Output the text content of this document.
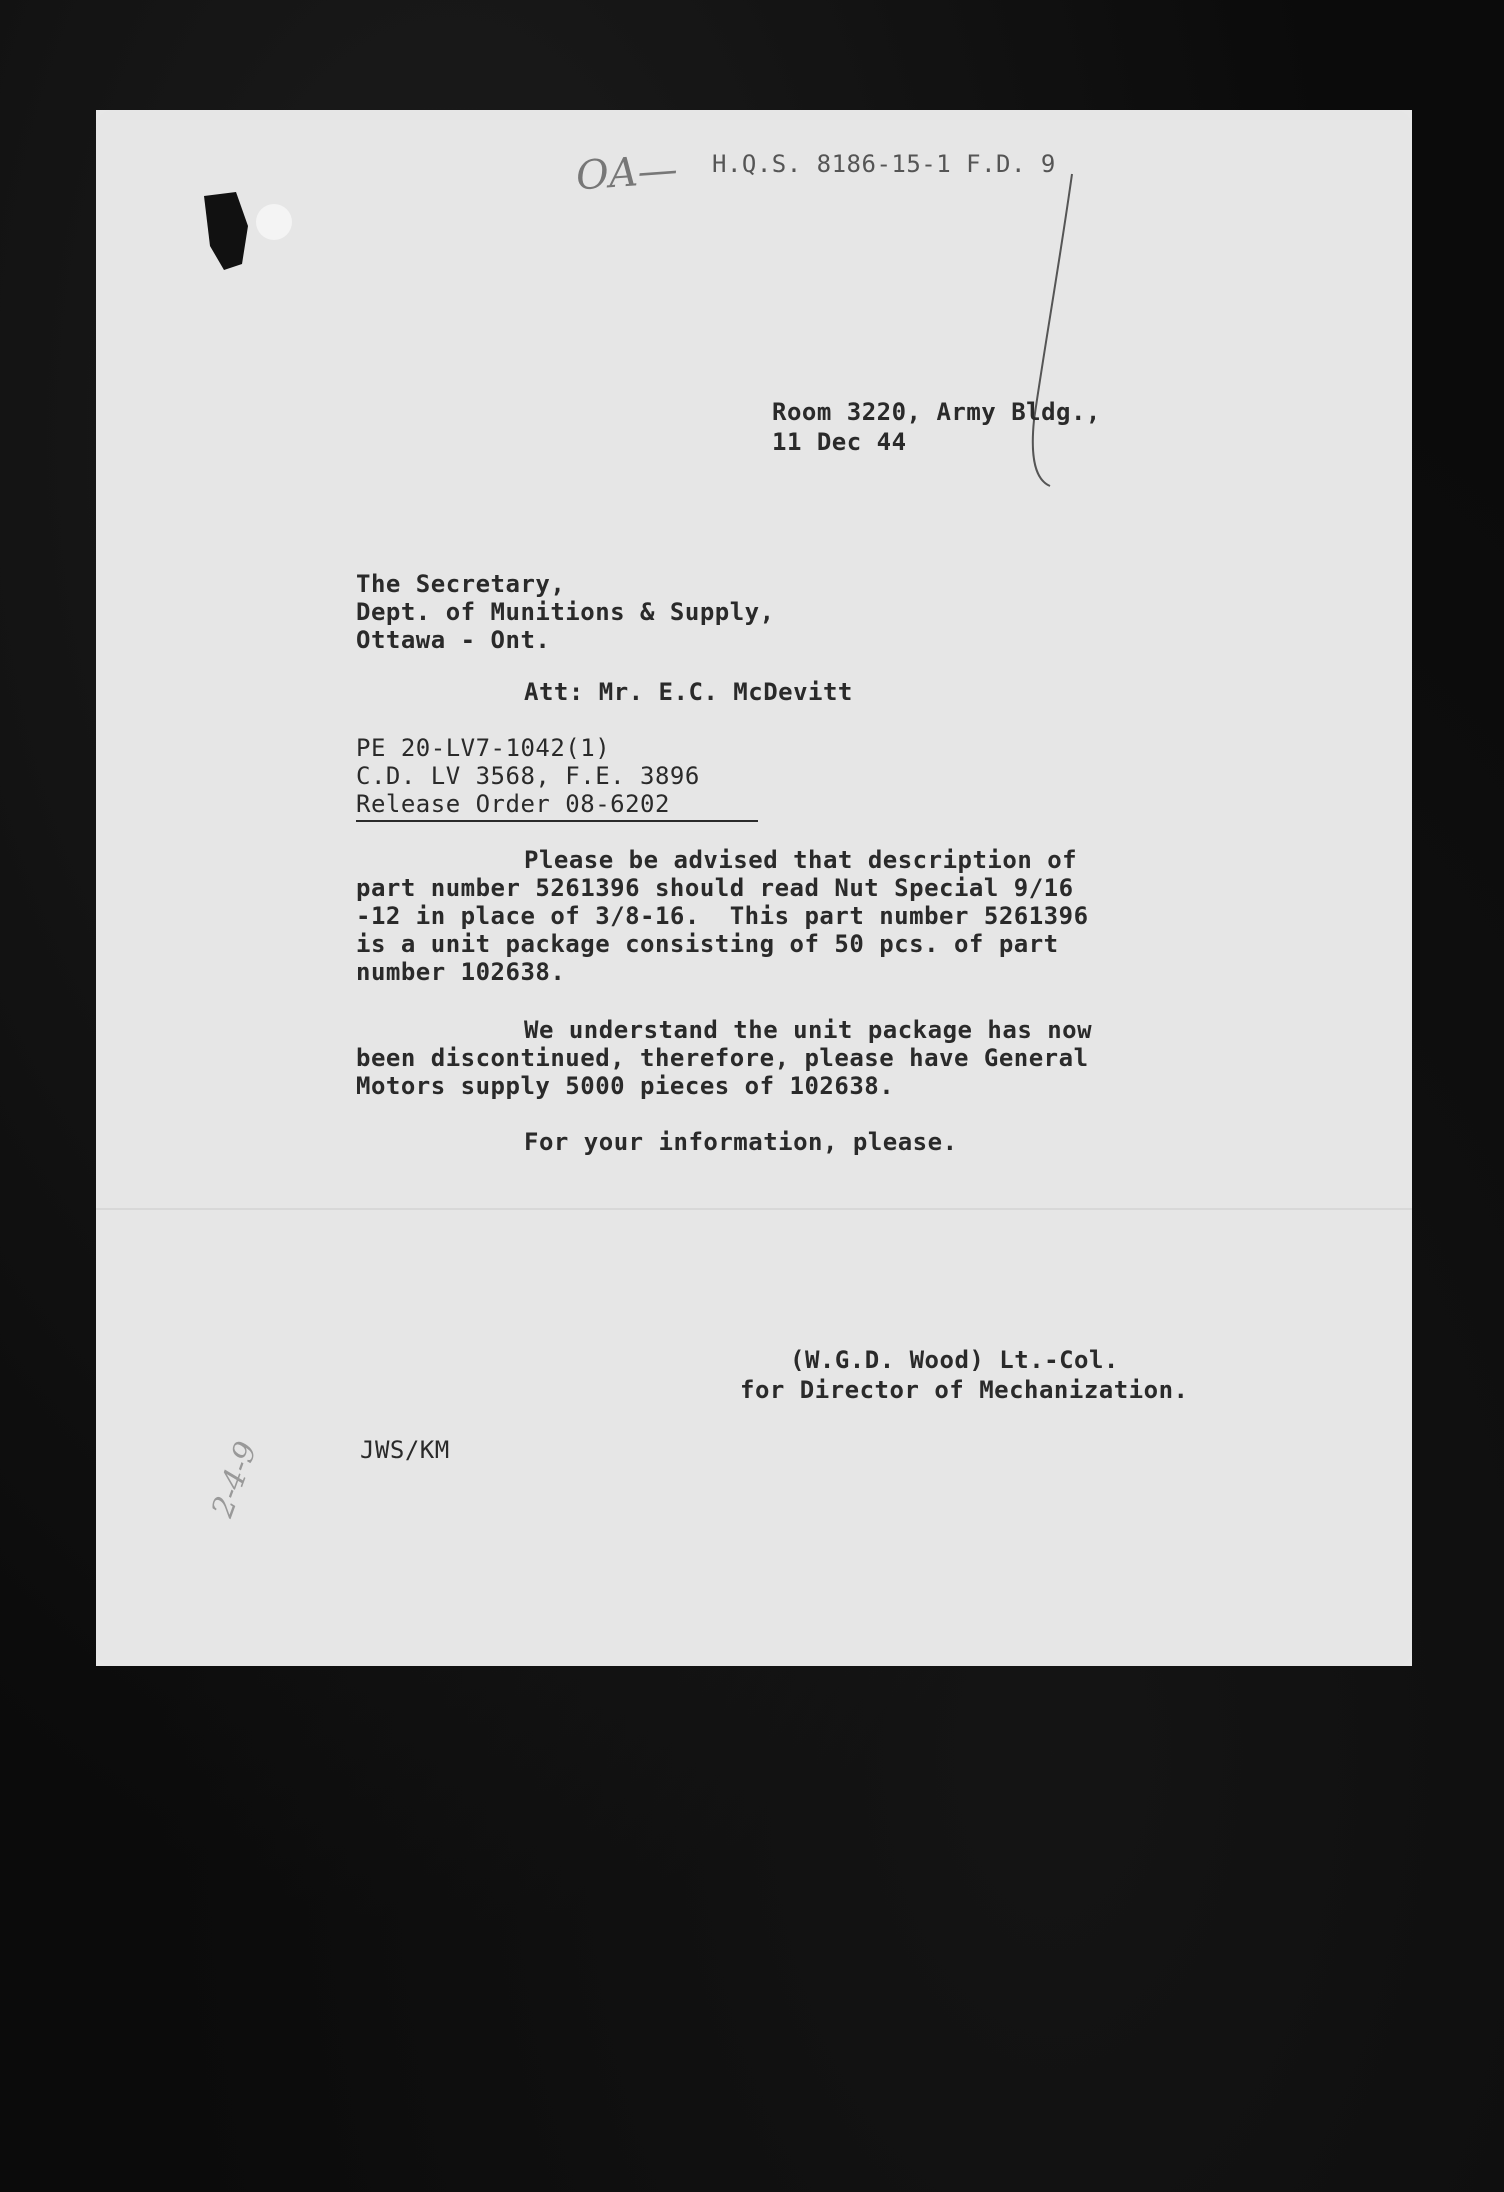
OA— H.Q.S. 8186-15-1 F.D. 9
Room 3220, Army Bldg.,
11 Dec 44
The Secretary,
Dept. of Munitions & Supply,
Ottawa - Ont.
Att: Mr. E.C. McDevitt
PE 20-LV7-1042(1)
C.D. LV 3568, F.E. 3896
Release Order 08-6202
Please be advised that description of
part number 5261396 should read Nut Special 9/16
-12 in place of 3/8-16.  This part number 5261396
is a unit package consisting of 50 pcs. of part
number 102638.
We understand the unit package has now
been discontinued, therefore, please have General
Motors supply 5000 pieces of 102638.
For your information, please.
(W.G.D. Wood) Lt.-Col.
for Director of Mechanization.
JWS/KM
2-4-9
